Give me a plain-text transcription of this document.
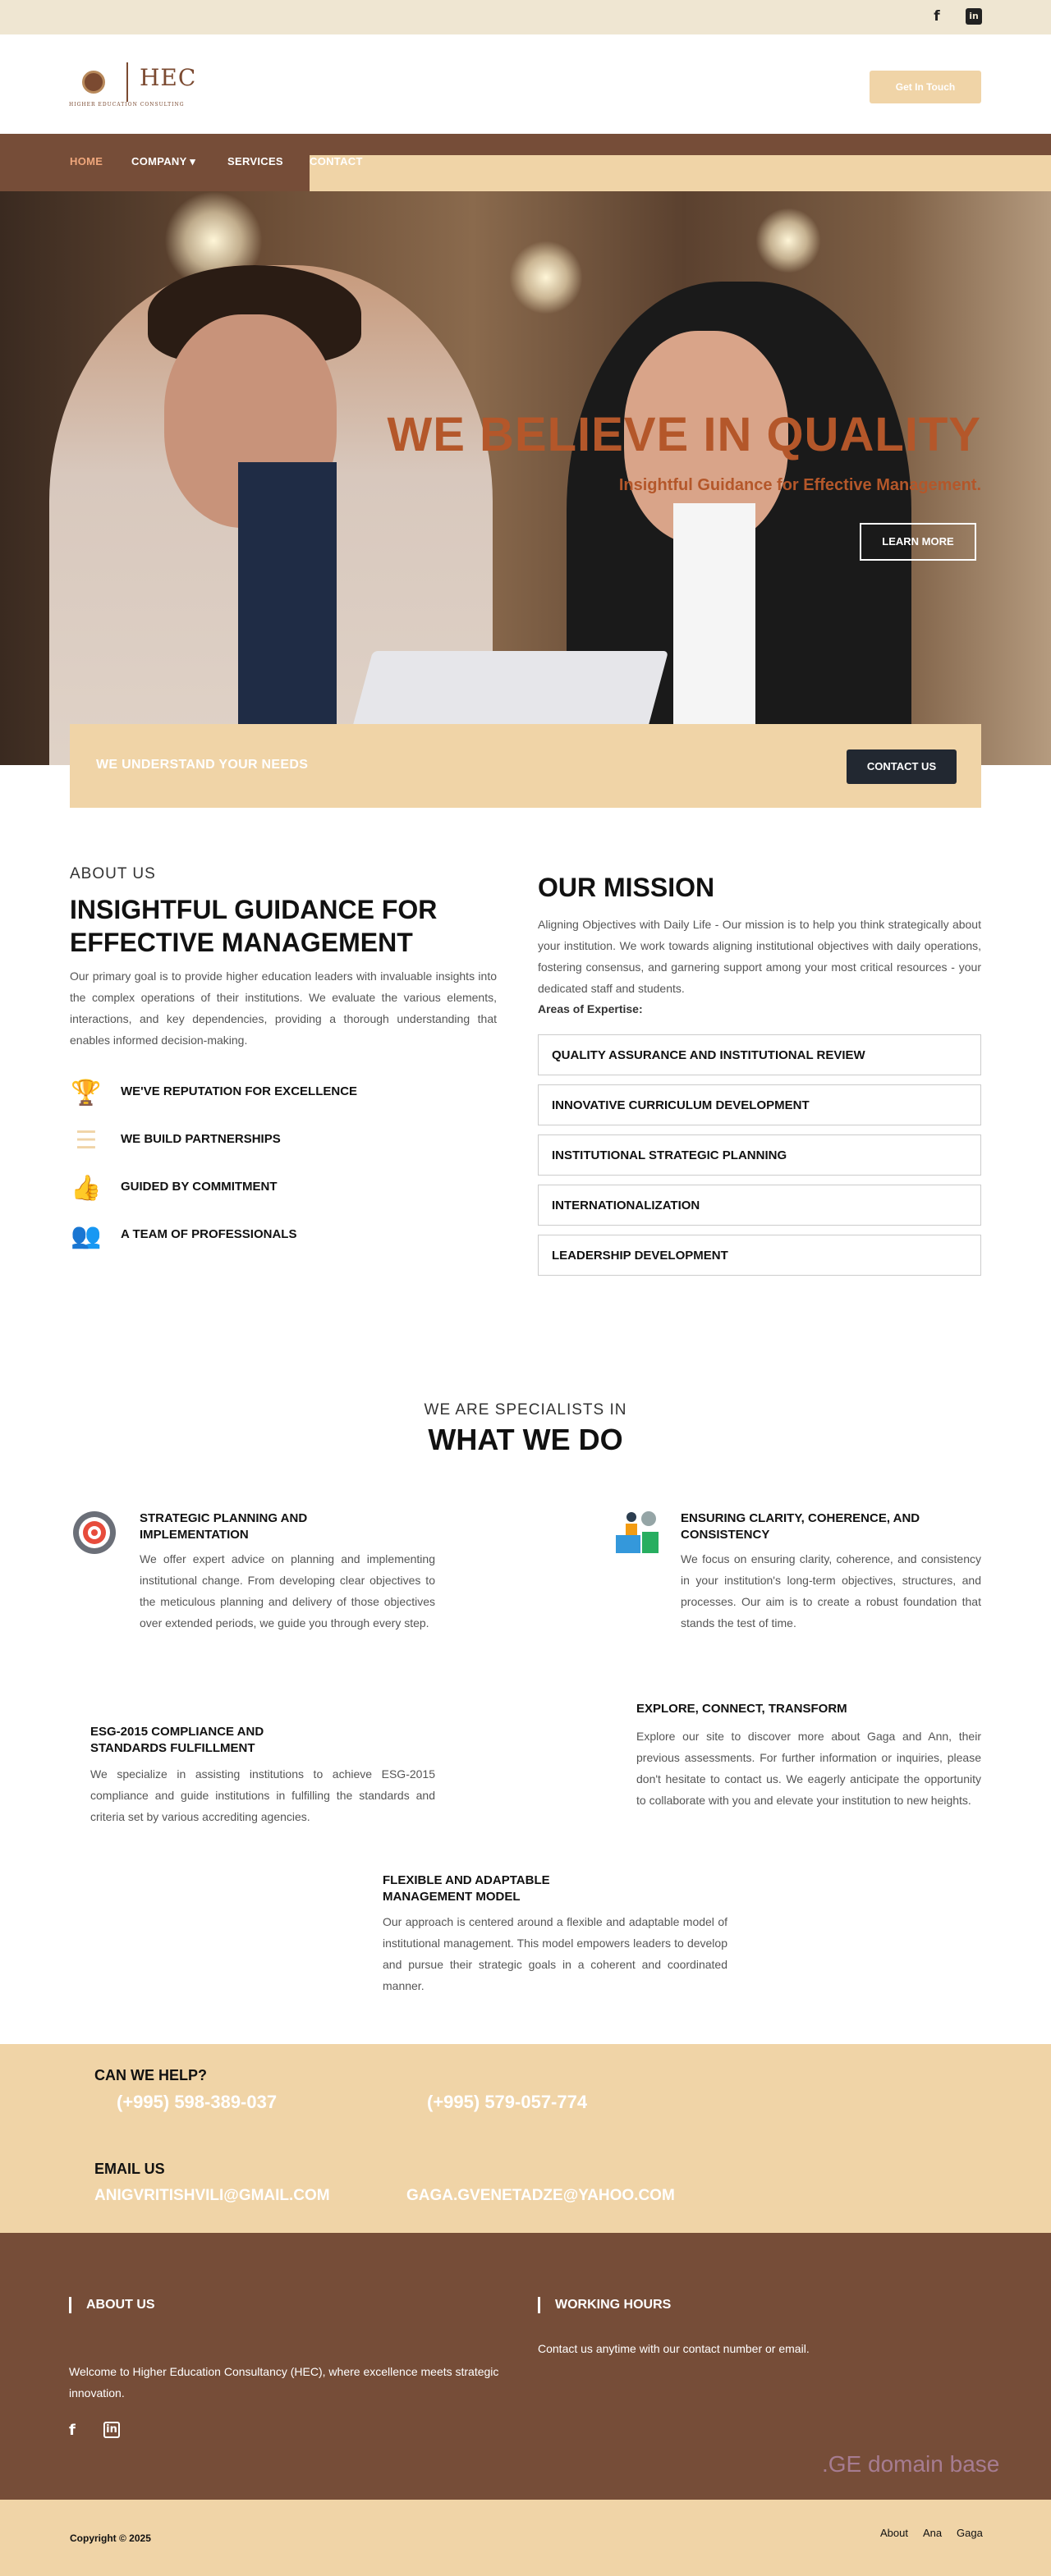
f	in
HEC
HIGHER EDUCATION CONSULTING
Get In Touch
HOME	COMPANY ▾	SERVICES CONTACT
WE BELIEVE IN QUALITY
Insightful Guidance for Effective Management.
LEARN MORE
WE UNDERSTAND YOUR NEEDS	CONTACT US
ABOUT US
INSIGHTFUL GUIDANCE FOR EFFECTIVE MANAGEMENT
Our primary goal is to provide higher education leaders with invaluable insights into the complex operations of their institutions. We evaluate the various elements, interactions, and key dependencies, providing a thorough understanding that enables informed decision-making.
🏆 WE'VE REPUTATION FOR EXCELLENCE
☰	WE BUILD PARTNERSHIPS
👍 GUIDED BY COMMITMENT
👥 A TEAM OF PROFESSIONALS
OUR MISSION
Aligning Objectives with Daily Life - Our mission is to help you think strategically about your institution. We work towards aligning institutional objectives with daily operations, fostering consensus, and garnering support among your most critical resources - your dedicated staff and students.
Areas of Expertise:
QUALITY ASSURANCE AND INSTITUTIONAL REVIEW
INNOVATIVE CURRICULUM DEVELOPMENT
INSTITUTIONAL STRATEGIC PLANNING
INTERNATIONALIZATION
LEADERSHIP DEVELOPMENT
WE ARE SPECIALISTS IN
WHAT WE DO
STRATEGIC PLANNING AND IMPLEMENTATION
We offer expert advice on planning and implementing institutional change. From developing clear objectives to the meticulous planning and delivery of those objectives over extended periods, we guide you through every step.
ENSURING CLARITY, COHERENCE, AND CONSISTENCY
We focus on ensuring clarity, coherence, and consistency in your institution's long-term objectives, structures, and processes. Our aim is to create a robust foundation that stands the test of time.
ESG-2015 COMPLIANCE AND STANDARDS FULFILLMENT
We specialize in assisting institutions to achieve ESG-2015 compliance and guide institutions in fulfilling the standards and criteria set by various accrediting agencies.
EXPLORE, CONNECT, TRANSFORM
Explore our site to discover more about Gaga and Ann, their previous assessments. For further information or inquiries, please don't hesitate to contact us. We eagerly anticipate the opportunity to collaborate with you and elevate your institution to new heights.
FLEXIBLE AND ADAPTABLE MANAGEMENT MODEL
Our approach is centered around a flexible and adaptable model of institutional management. This model empowers leaders to develop and pursue their strategic goals in a coherent and coordinated manner.
CAN WE HELP?
(+995) 598-389-037	(+995) 579-057-774
EMAIL US
ANIGVRITISHVILI@GMAIL.COM	GAGA.GVENETADZE@YAHOO.COM
ABOUT US
Welcome to Higher Education Consultancy (HEC), where excellence meets strategic innovation.
f	in
WORKING HOURS
Contact us anytime with our contact number or email.
.GE domain base
Copyright © 2025	About Ana Gaga
